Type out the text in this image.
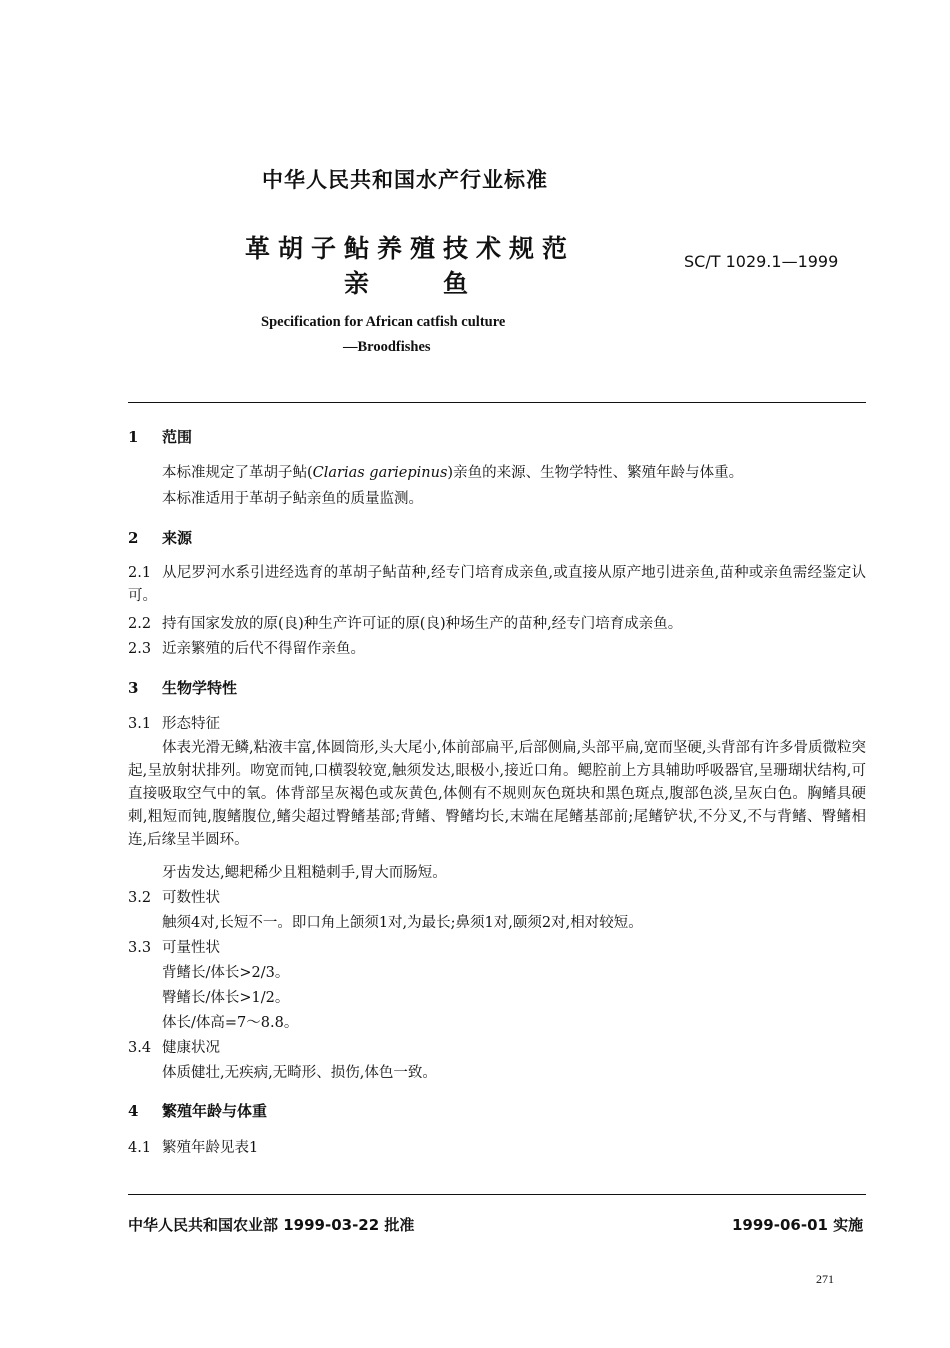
中华人民共和国水产行业标准
革胡子鲇养殖技术规范
亲　　鱼
SC/T 1029.1—1999
Specification for African catfish culture
—Broodfishes
1 范围
本标准规定了革胡子鲇(Clarias gariepinus)亲鱼的来源、生物学特性、繁殖年龄与体重。
本标准适用于革胡子鲇亲鱼的质量监测。
2 来源
2.1 从尼罗河水系引进经选育的革胡子鲇苗种,经专门培育成亲鱼,或直接从原产地引进亲鱼,苗种或亲鱼需经鉴定认可。
2.2 持有国家发放的原(良)种生产许可证的原(良)种场生产的苗种,经专门培育成亲鱼。
2.3 近亲繁殖的后代不得留作亲鱼。
3 生物学特性
3.1 形态特征
体表光滑无鳞,粘液丰富,体圆筒形,头大尾小,体前部扁平,后部侧扁,头部平扁,宽而坚硬,头背部有许多骨质微粒突起,呈放射状排列。吻宽而钝,口横裂较宽,触须发达,眼极小,接近口角。鳃腔前上方具辅助呼吸器官,呈珊瑚状结构,可直接吸取空气中的氧。体背部呈灰褐色或灰黄色,体侧有不规则灰色斑块和黑色斑点,腹部色淡,呈灰白色。胸鳍具硬刺,粗短而钝,腹鳍腹位,鳍尖超过臀鳍基部;背鳍、臀鳍均长,末端在尾鳍基部前;尾鳍铲状,不分叉,不与背鳍、臀鳍相连,后缘呈半圆环。
牙齿发达,鳃耙稀少且粗糙刺手,胃大而肠短。
3.2 可数性状
触须4对,长短不一。即口角上颌须1对,为最长;鼻须1对,颐须2对,相对较短。
3.3 可量性状
背鳍长/体长>2/3。
臀鳍长/体长>1/2。
体长/体高=7～8.8。
3.4 健康状况
体质健壮,无疾病,无畸形、损伤,体色一致。
4 繁殖年龄与体重
4.1 繁殖年龄见表1
中华人民共和国农业部 1999-03-22 批准	1999-06-01 实施
271
